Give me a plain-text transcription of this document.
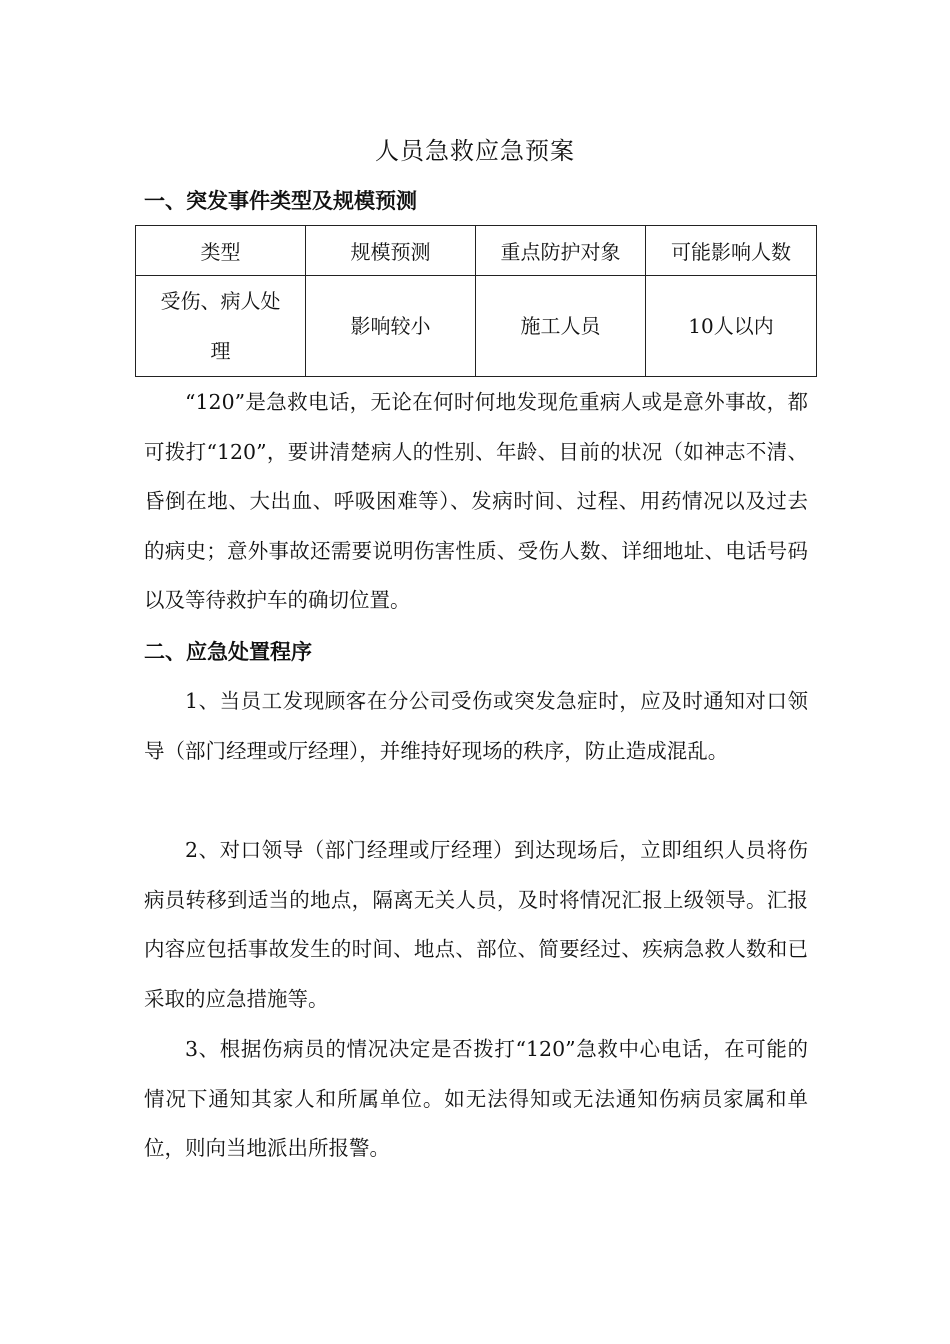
人员急救应急预案
一、突发事件类型及规模预测
类型	规模预测	重点防护对象	可能影响人数
受伤、病人处理	影响较小	施工人员	10人以内

“120”是急救电话，无论在何时何地发现危重病人或是意外事故，都可拨打“120”，要讲清楚病人的性别、年龄、目前的状况（如神志不清、昏倒在地、大出血、呼吸困难等）、发病时间、过程、用药情况以及过去的病史；意外事故还需要说明伤害性质、受伤人数、详细地址、电话号码以及等待救护车的确切位置。

二、应急处置程序

1、当员工发现顾客在分公司受伤或突发急症时，应及时通知对口领导（部门经理或厅经理），并维持好现场的秩序，防止造成混乱。

2、对口领导（部门经理或厅经理）到达现场后，立即组织人员将伤病员转移到适当的地点，隔离无关人员，及时将情况汇报上级领导。汇报内容应包括事故发生的时间、地点、部位、简要经过、疾病急救人数和已采取的应急措施等。

3、根据伤病员的情况决定是否拨打“120”急救中心电话，在可能的情况下通知其家人和所属单位。如无法得知或无法通知伤病员家属和单位，则向当地派出所报警。
